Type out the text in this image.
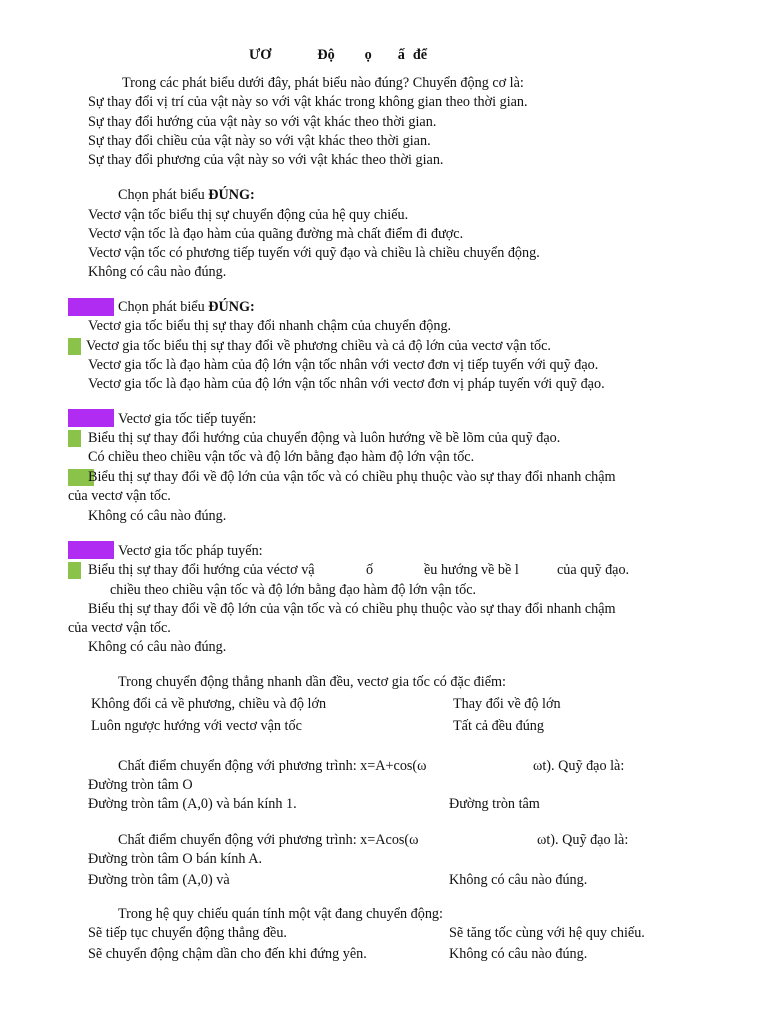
ƯƠ	Độ ọ ấ để
Trong các phát biểu dưới đây, phát biểu nào đúng? Chuyển động cơ là:
Sự thay đổi vị trí của vật này so với vật khác trong không gian theo thời gian.
Sự thay đổi hướng của vật này so với vật khác theo thời gian.
Sự thay đổi chiều của vật này so với vật khác theo thời gian.
Sự thay đổi phương của vật này so với vật khác theo thời gian.
Chọn phát biểu ĐÚNG:
Vectơ vận tốc biểu thị sự chuyển động của hệ quy chiếu.
Vectơ vận tốc là đạo hàm của quãng đường mà chất điểm đi được.
Vectơ vận tốc có phương tiếp tuyến với quỹ đạo và chiều là chiều chuyển động.
Không có câu nào đúng.
Chọn phát biểu ĐÚNG:
Vectơ gia tốc biểu thị sự thay đổi nhanh chậm của chuyển động.
Vectơ gia tốc biểu thị sự thay đổi về phương chiều và cả độ lớn của vectơ vận tốc.
Vectơ gia tốc là đạo hàm của độ lớn vận tốc nhân với vectơ đơn vị tiếp tuyến với quỹ đạo.
Vectơ gia tốc là đạo hàm của độ lớn vận tốc nhân với vectơ đơn vị pháp tuyến với quỹ đạo.
Vectơ gia tốc tiếp tuyến:
Biểu thị sự thay đổi hướng của chuyển động và luôn hướng về bề lõm của quỹ đạo.
Có chiều theo chiều vận tốc và độ lớn bằng đạo hàm độ lớn vận tốc.
Biểu thị sự thay đổi về độ lớn của vận tốc và có chiều phụ thuộc vào sự thay đổi nhanh chậm
của vectơ vận tốc.
Không có câu nào đúng.
Vectơ gia tốc pháp tuyến:
Biểu thị sự thay đổi hướng của véctơ vậ	ố	ều hướng về bề l	của quỹ đạo.
chiều theo chiều vận tốc và độ lớn bằng đạo hàm độ lớn vận tốc.
Biểu thị sự thay đổi về độ lớn của vận tốc và có chiều phụ thuộc vào sự thay đổi nhanh chậm
của vectơ vận tốc.
Không có câu nào đúng.
Trong chuyển động thẳng nhanh dần đều, vectơ gia tốc có đặc điểm:
Không đổi cả về phương, chiều và độ lớn	Thay đổi về độ lớn
Luôn ngược hướng với vectơ vận tốc	Tất cả đều đúng
Chất điểm chuyển động với phương trình: x=A+cos(ω	ωt). Quỹ đạo là:
Đường tròn tâm O
Đường tròn tâm (A,0) và bán kính 1.	Đường tròn tâm
Chất điểm chuyển động với phương trình: x=Acos(ω	ωt). Quỹ đạo là:
Đường tròn tâm O bán kính A.
Đường tròn tâm (A,0) và	Không có câu nào đúng.
Trong hệ quy chiếu quán tính một vật đang chuyển động:
Sẽ tiếp tục chuyển động thẳng đều.	Sẽ tăng tốc cùng với hệ quy chiếu.
Sẽ chuyển động chậm dần cho đến khi đứng yên.	Không có câu nào đúng.
